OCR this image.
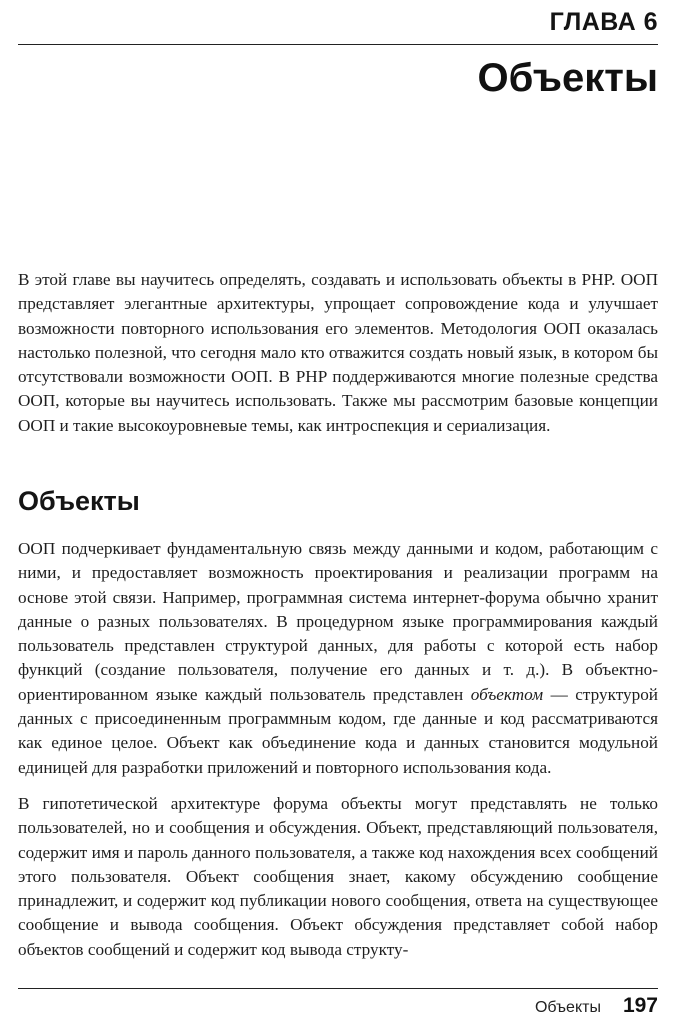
ГЛАВА 6
Объекты

В этой главе вы научитесь определять, создавать и использовать объекты в PHP. ООП представляет элегантные архитектуры, упрощает сопровождение кода и улучшает возможности повторного использования его элементов. Методология ООП оказалась настолько полезной, что сегодня мало кто отважится создать новый язык, в котором бы отсутствовали возможности ООП. В PHP поддерживаются многие полезные средства ООП, которые вы научитесь использовать. Также мы рассмотрим базовые концепции ООП и такие высокоуровневые темы, как интроспекция и сериализация.

Объекты

ООП подчеркивает фундаментальную связь между данными и кодом, работающим с ними, и предоставляет возможность проектирования и реализации программ на основе этой связи. Например, программная система интернет-форума обычно хранит данные о разных пользователях. В процедурном языке программирования каждый пользователь представлен структурой данных, для работы с которой есть набор функций (создание пользователя, получение его данных и т. д.). В объектно-ориентированном языке каждый пользователь представлен объектом — структурой данных с присоединенным программным кодом, где данные и код рассматриваются как единое целое. Объект как объединение кода и данных становится модульной единицей для разработки приложений и повторного использования кода.

В гипотетической архитектуре форума объекты могут представлять не только пользователей, но и сообщения и обсуждения. Объект, представляющий пользователя, содержит имя и пароль данного пользователя, а также код нахождения всех сообщений этого пользователя. Объект сообщения знает, какому обсуждению сообщение принадлежит, и содержит код публикации нового сообщения, ответа на существующее сообщение и вывода сообщения. Объект обсуждения представляет собой набор объектов сообщений и содержит код вывода структу-

Объекты 197
